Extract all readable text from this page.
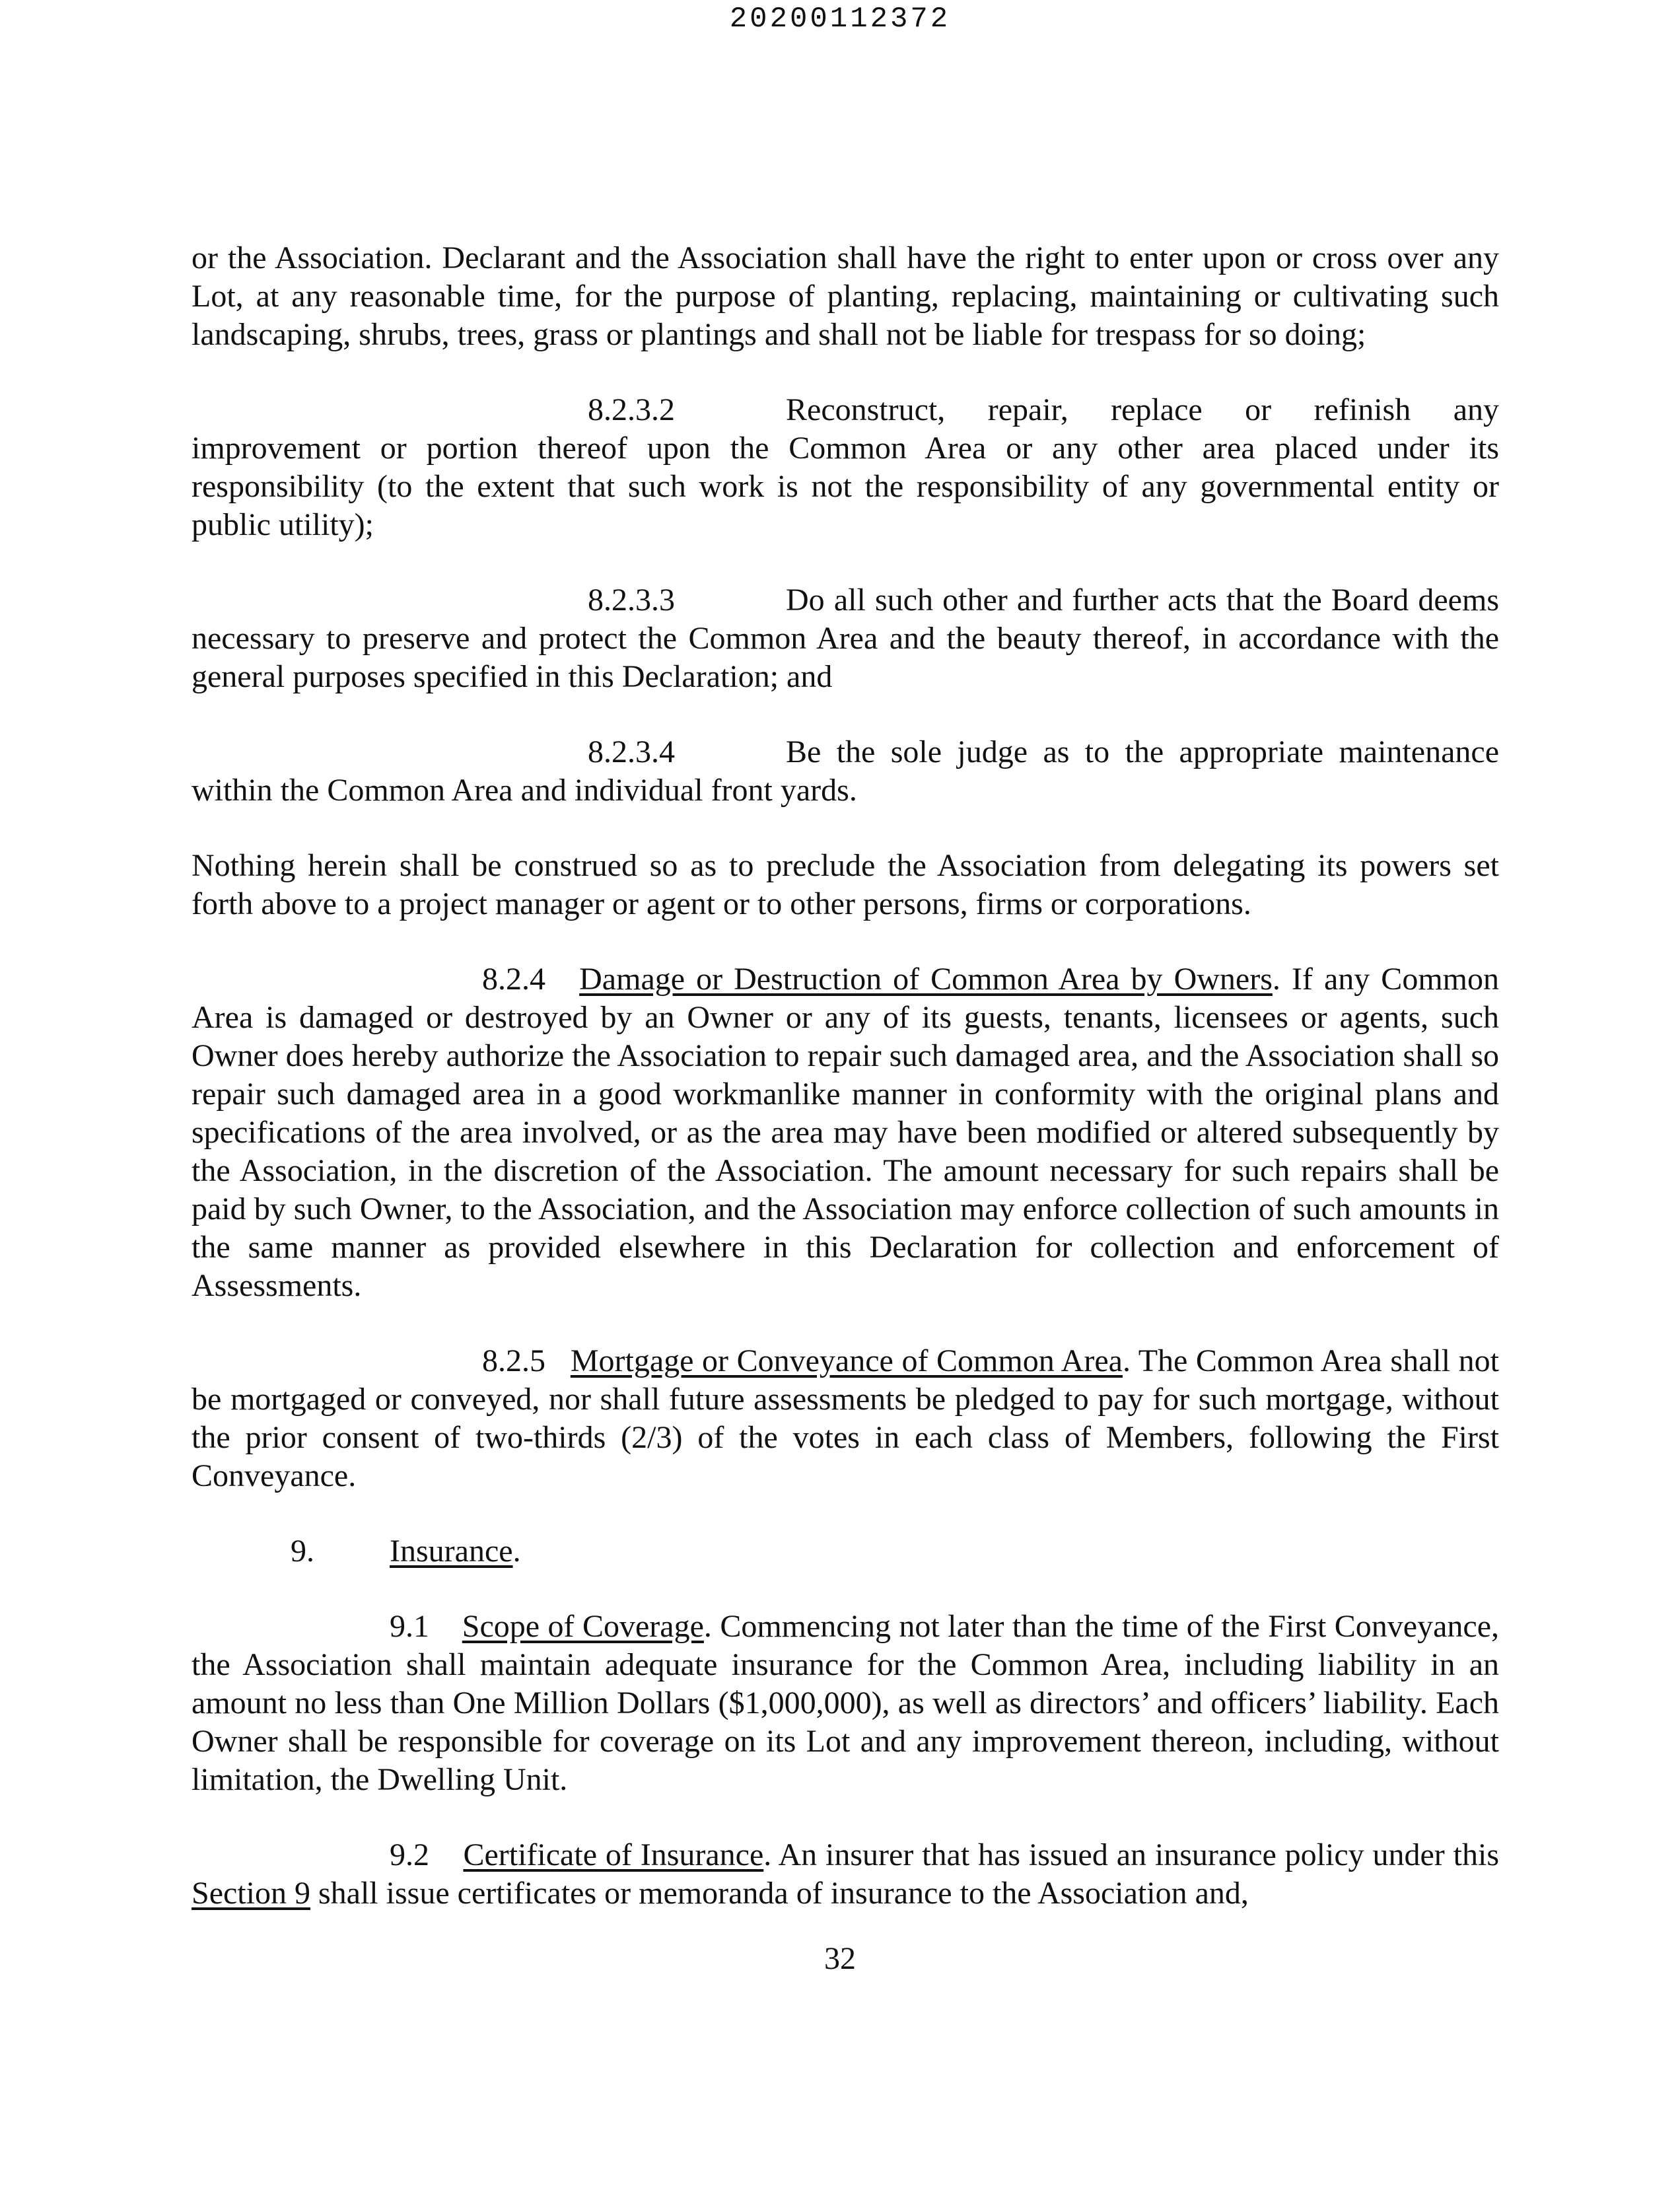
20200112372

or the Association. Declarant and the Association shall have the right to enter upon or cross over any Lot, at any reasonable time, for the purpose of planting, replacing, maintaining or cultivating such landscaping, shrubs, trees, grass or plantings and shall not be liable for trespass for so doing;

8.2.3.2	Reconstruct, repair, replace or refinish any improvement or portion thereof upon the Common Area or any other area placed under its responsibility (to the extent that such work is not the responsibility of any governmental entity or public utility);

8.2.3.3	Do all such other and further acts that the Board deems necessary to preserve and protect the Common Area and the beauty thereof, in accordance with the general purposes specified in this Declaration; and

8.2.3.4	Be the sole judge as to the appropriate maintenance within the Common Area and individual front yards.

Nothing herein shall be construed so as to preclude the Association from delegating its powers set forth above to a project manager or agent or to other persons, firms or corporations.

8.2.4 Damage or Destruction of Common Area by Owners. If any Common Area is damaged or destroyed by an Owner or any of its guests, tenants, licensees or agents, such Owner does hereby authorize the Association to repair such damaged area, and the Association shall so repair such damaged area in a good workmanlike manner in conformity with the original plans and specifications of the area involved, or as the area may have been modified or altered subsequently by the Association, in the discretion of the Association. The amount necessary for such repairs shall be paid by such Owner, to the Association, and the Association may enforce collection of such amounts in the same manner as provided elsewhere in this Declaration for collection and enforcement of Assessments.

8.2.5 Mortgage or Conveyance of Common Area. The Common Area shall not be mortgaged or conveyed, nor shall future assessments be pledged to pay for such mortgage, without the prior consent of two-thirds (2/3) of the votes in each class of Members, following the First Conveyance.

9. Insurance.

9.1 Scope of Coverage. Commencing not later than the time of the First Conveyance, the Association shall maintain adequate insurance for the Common Area, including liability in an amount no less than One Million Dollars ($1,000,000), as well as directors’ and officers’ liability. Each Owner shall be responsible for coverage on its Lot and any improvement thereon, including, without limitation, the Dwelling Unit.

9.2 Certificate of Insurance. An insurer that has issued an insurance policy under this Section 9 shall issue certificates or memoranda of insurance to the Association and,

32
